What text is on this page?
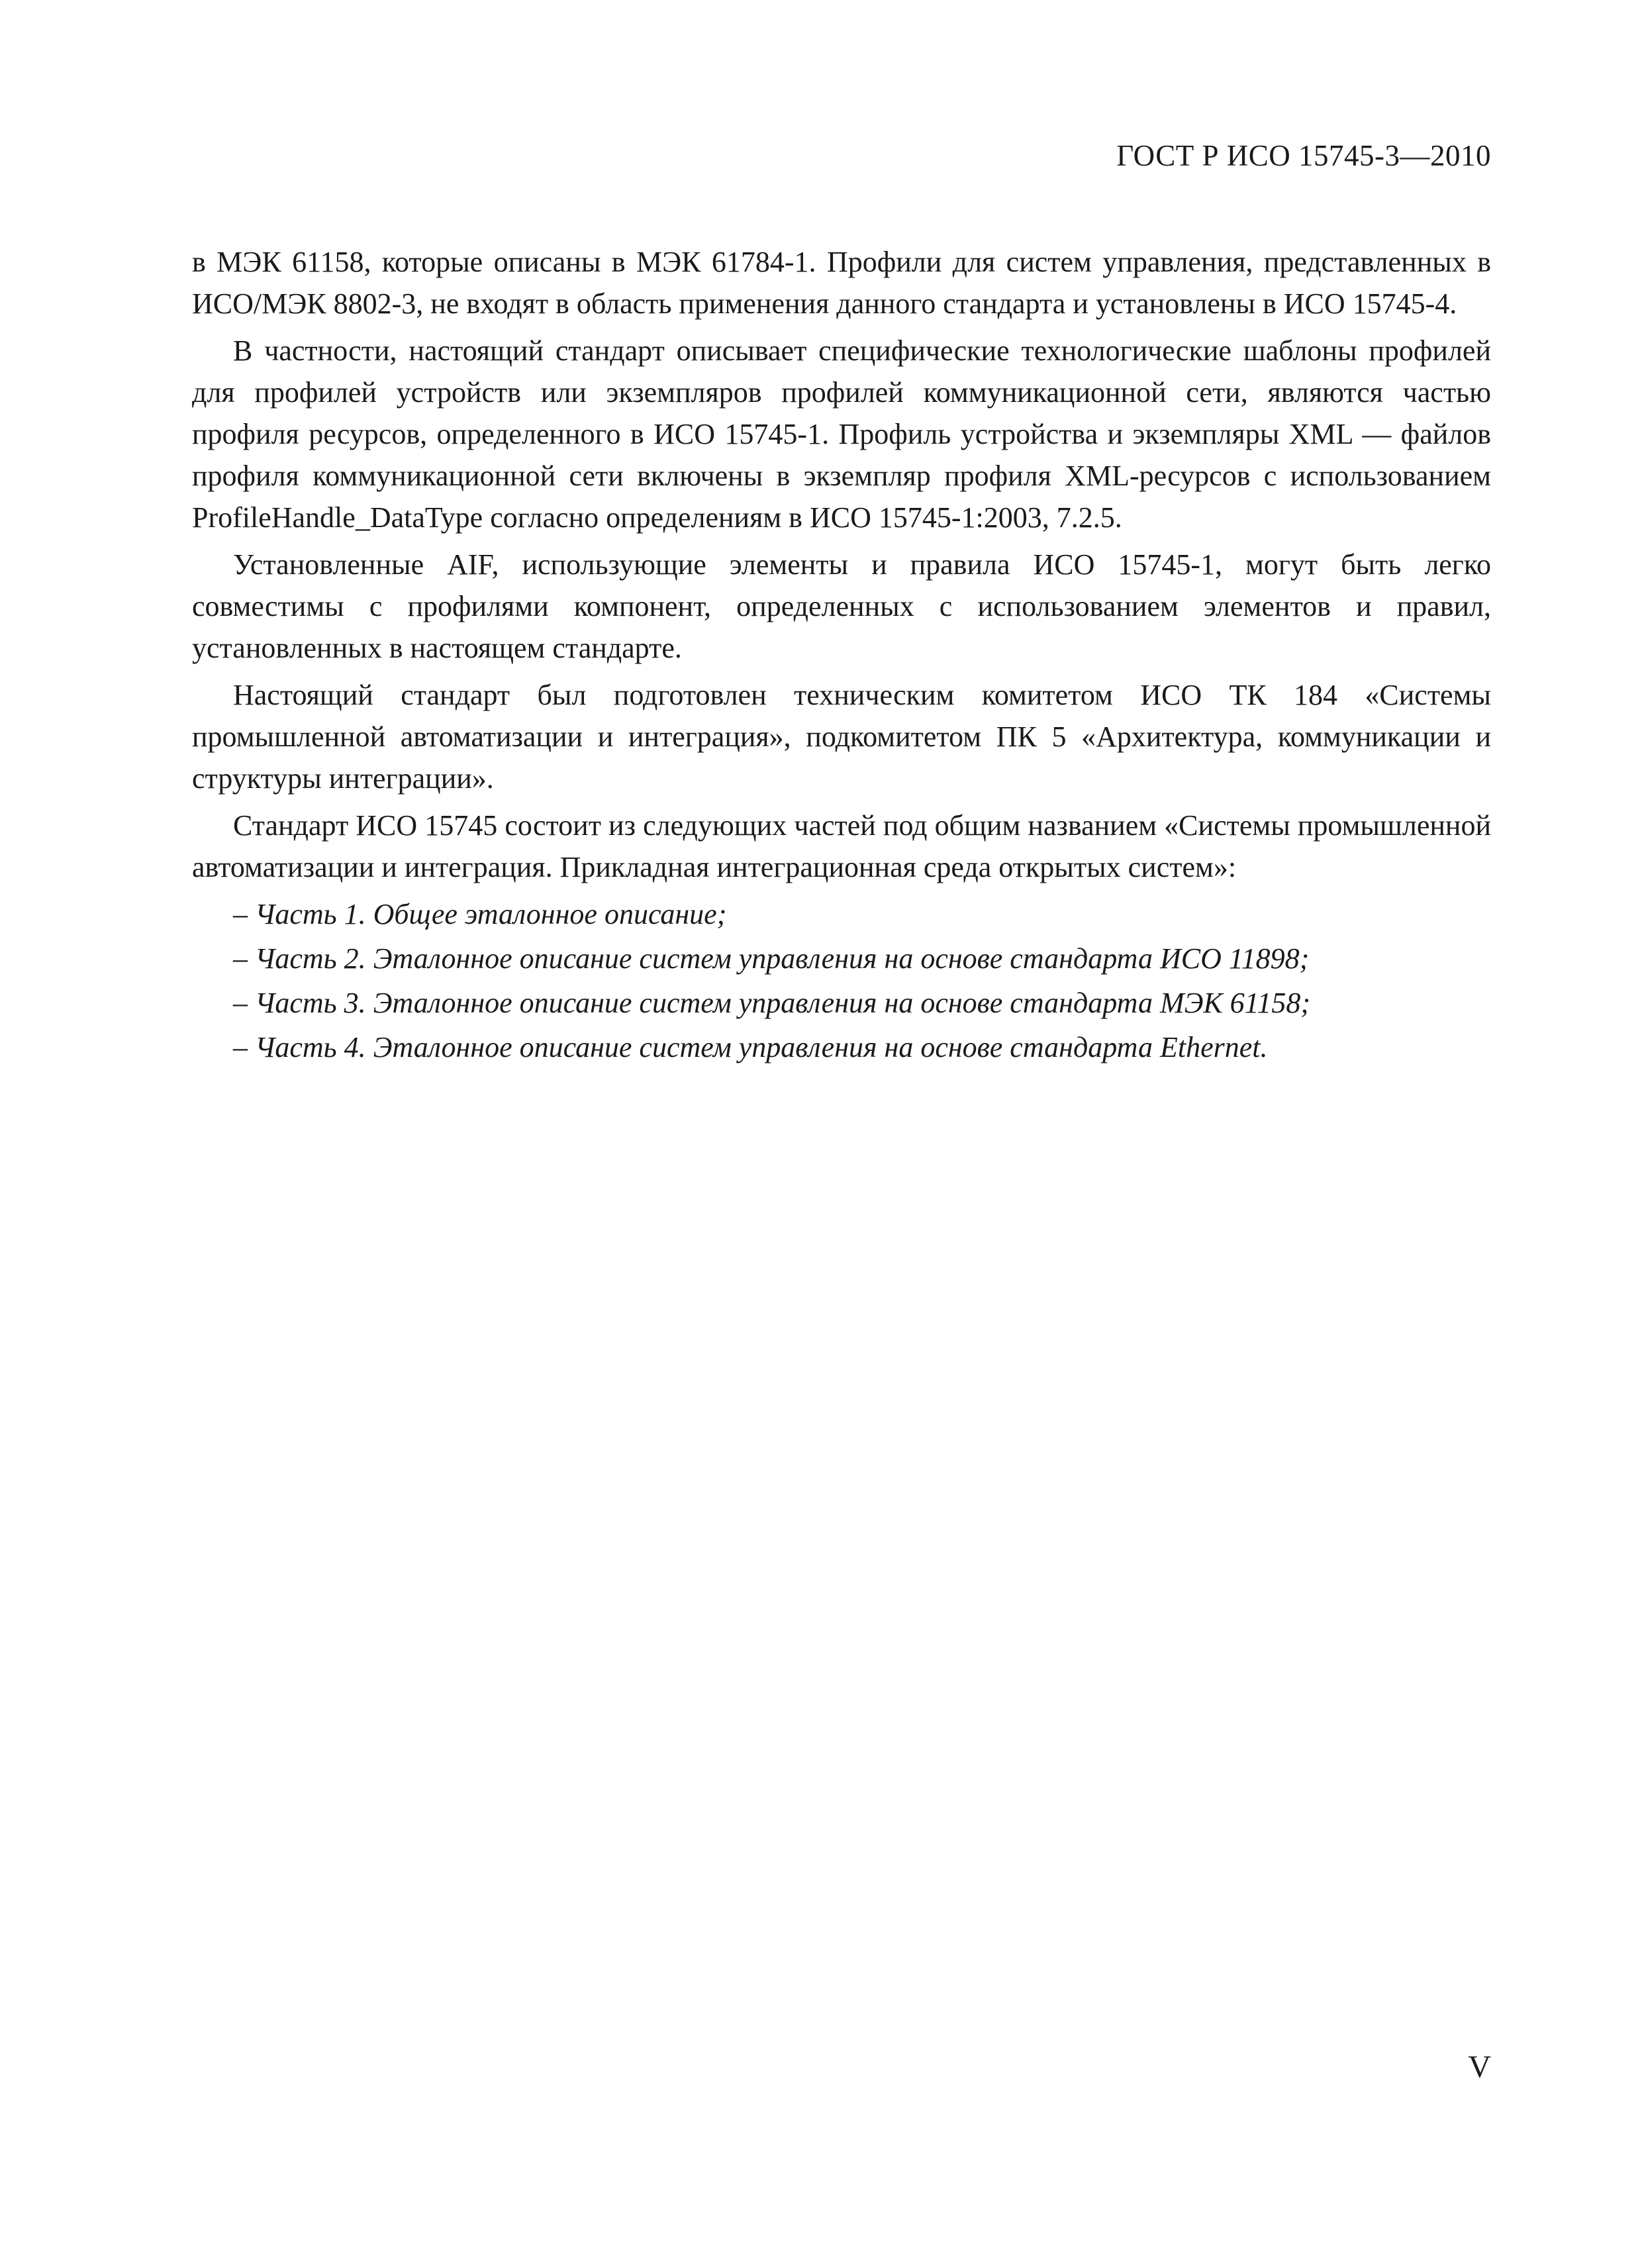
ГОСТ Р ИСО 15745-3—2010

в МЭК 61158, которые описаны в МЭК 61784-1. Профили для систем управления, представленных в ИСО/МЭК 8802-3, не входят в область применения данного стандарта и установлены в ИСО 15745-4.

В частности, настоящий стандарт описывает специфические технологические шаблоны профилей для профилей устройств или экземпляров профилей коммуникационной сети, являются частью профиля ресурсов, определенного в ИСО 15745-1. Профиль устройства и экземпляры XML — файлов профиля коммуникационной сети включены в экземпляр профиля XML-ресурсов с использованием ProfileHandle_DataType согласно определениям в ИСО 15745-1:2003, 7.2.5.

Установленные AIF, использующие элементы и правила ИСО 15745-1, могут быть легко совместимы с профилями компонент, определенных с использованием элементов и правил, установленных в настоящем стандарте.

Настоящий стандарт был подготовлен техническим комитетом ИСО ТК 184 «Системы промышленной автоматизации и интеграция», подкомитетом ПК 5 «Архитектура, коммуникации и структуры интеграции».

Стандарт ИСО 15745 состоит из следующих частей под общим названием «Системы промышленной автоматизации и интеграция. Прикладная интеграционная среда открытых систем»:

– Часть 1. Общее эталонное описание;
– Часть 2. Эталонное описание систем управления на основе стандарта ИСО 11898;
– Часть 3. Эталонное описание систем управления на основе стандарта МЭК 61158;
– Часть 4. Эталонное описание систем управления на основе стандарта Ethernet.
V
